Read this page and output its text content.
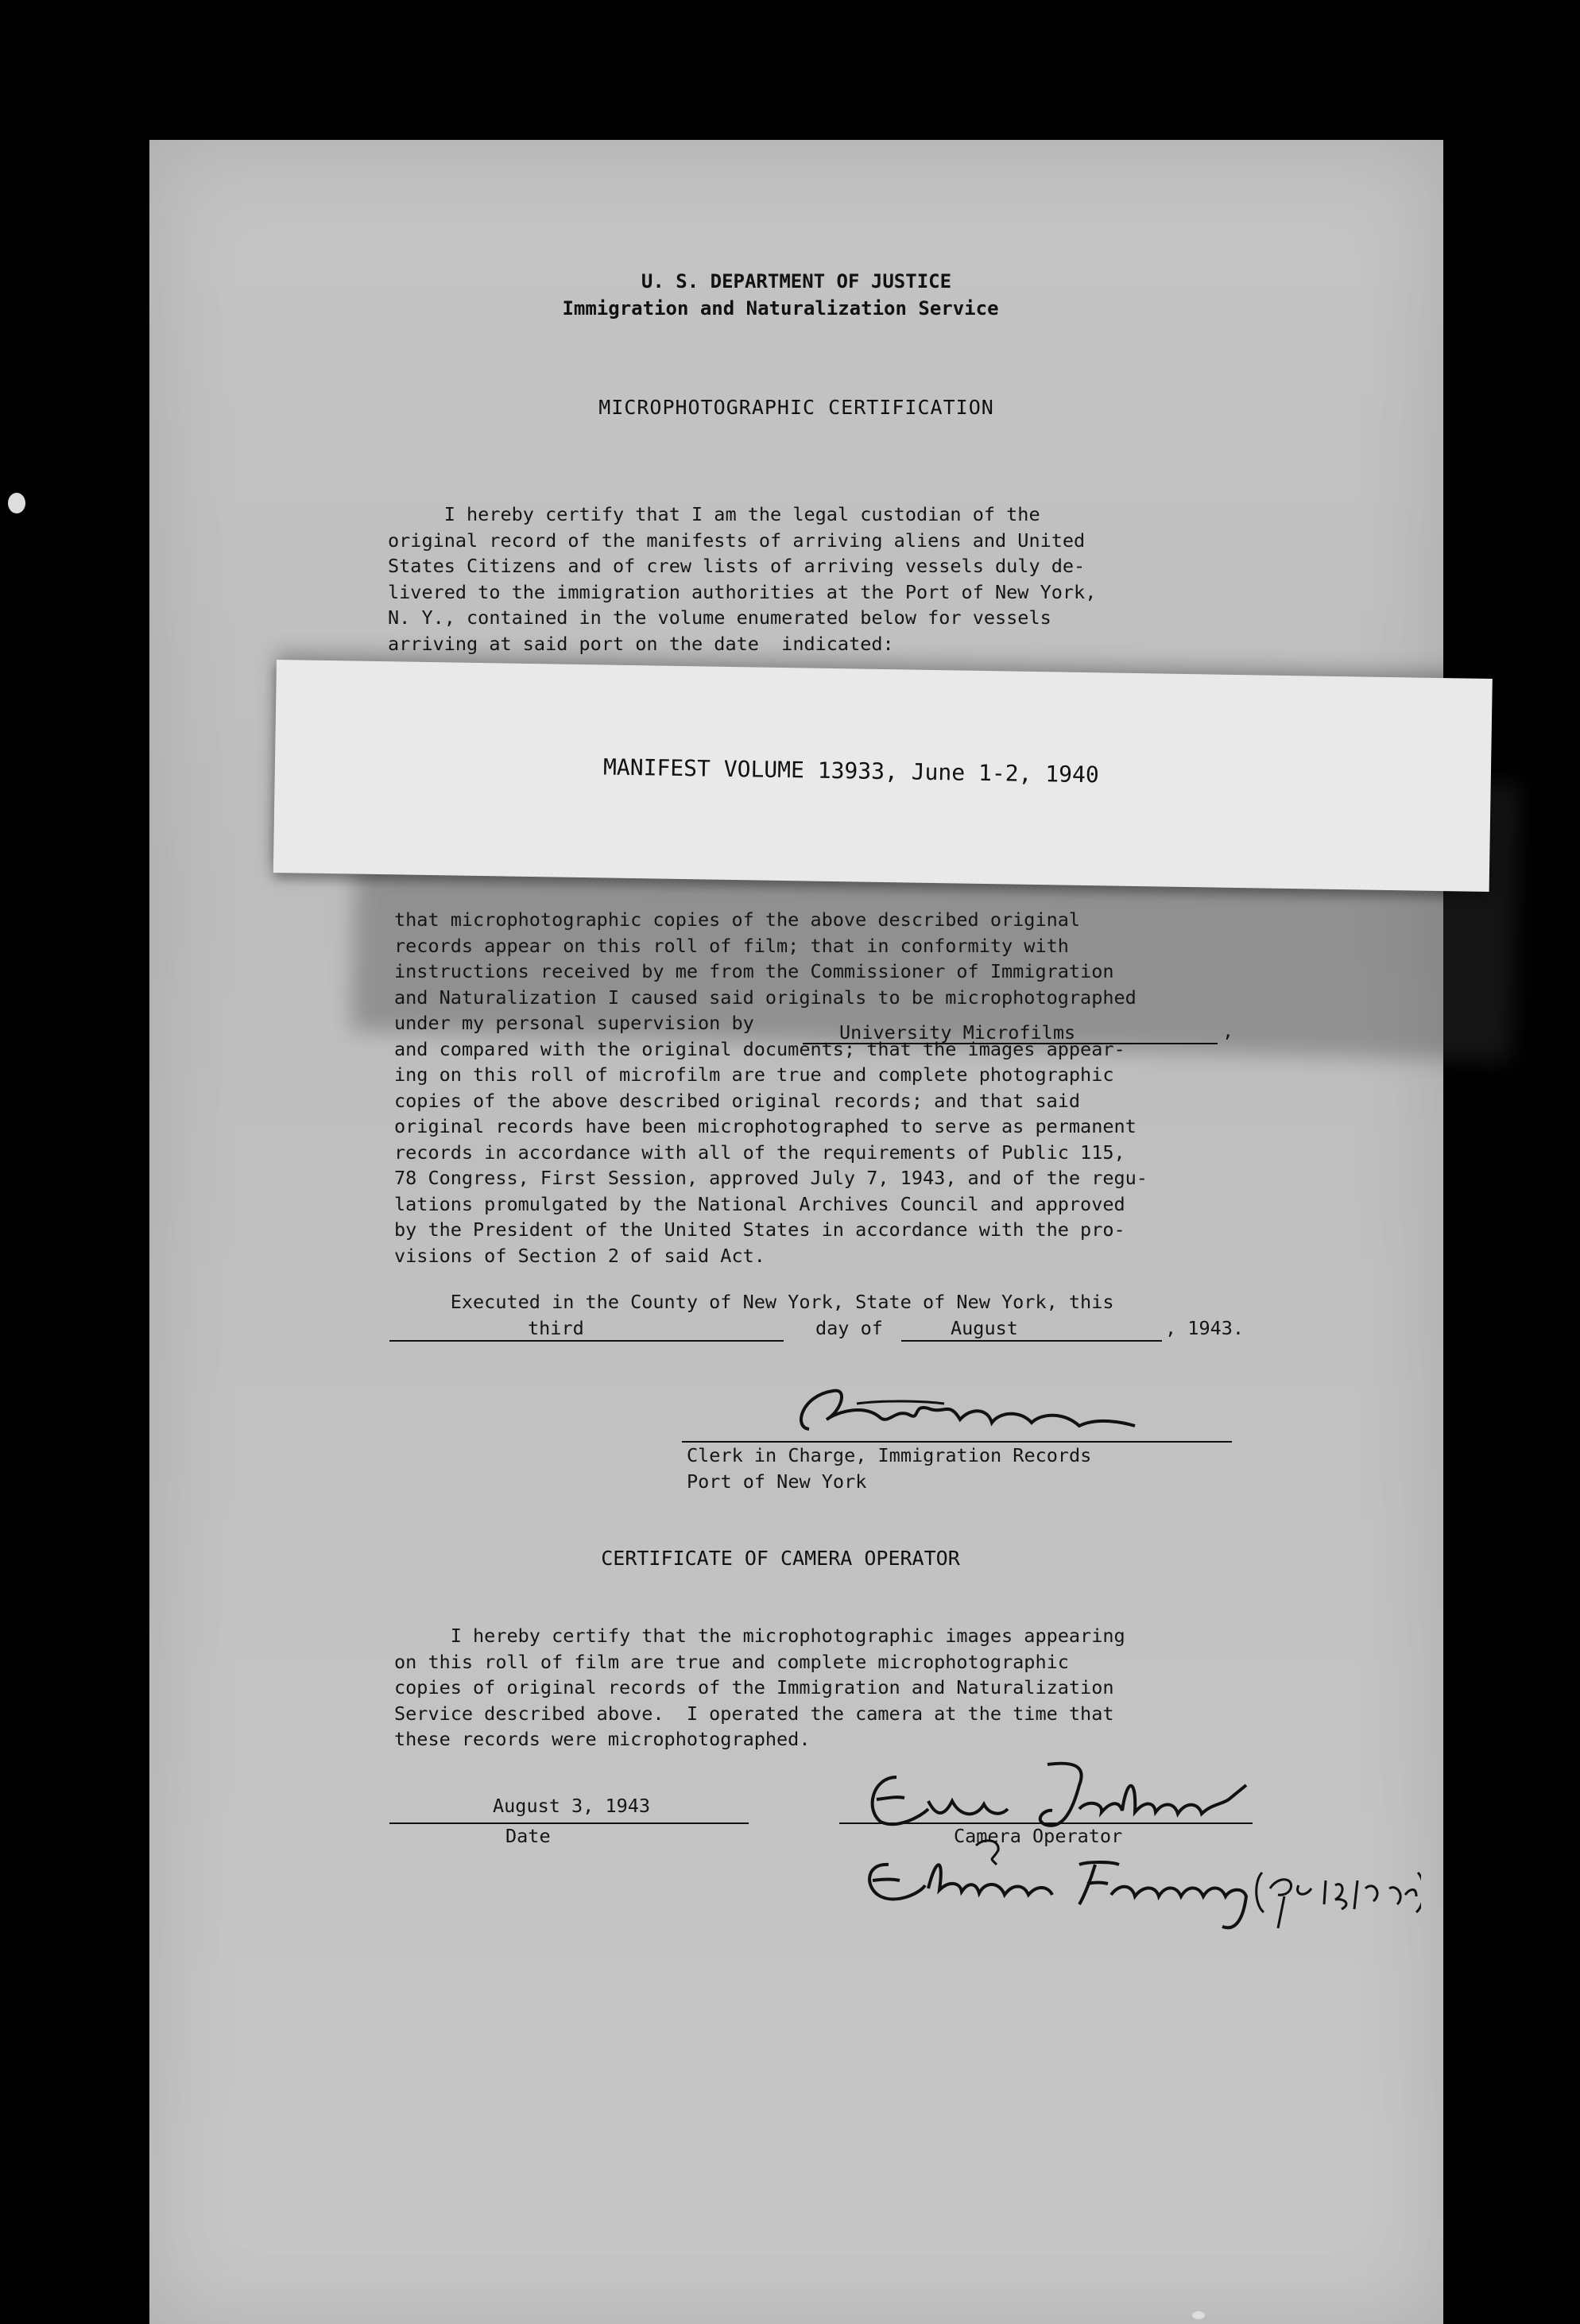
U. S. DEPARTMENT OF JUSTICE
Immigration and Naturalization Service
MICROPHOTOGRAPHIC CERTIFICATION
I hereby certify that I am the legal custodian of the
original record of the manifests of arriving aliens and United
States Citizens and of crew lists of arriving vessels duly de-
livered to the immigration authorities at the Port of New York,
N. Y., contained in the volume enumerated below for vessels
arriving at said port on the date  indicated:
MANIFEST VOLUME 13933, June 1-2, 1940
that microphotographic copies of the above described original
records appear on this roll of film; that in conformity with
instructions received by me from the Commissioner of Immigration
and Naturalization I caused said originals to be microphotographed
under my personal supervision by
and compared with the original documents; that the images appear-
ing on this roll of microfilm are true and complete photographic
copies of the above described original records; and that said
original records have been microphotographed to serve as permanent
records in accordance with all of the requirements of Public 115,
78 Congress, First Session, approved July 7, 1943, and of the regu-
lations promulgated by the National Archives Council and approved
by the President of the United States in accordance with the pro-
visions of Section 2 of said Act.
University Microfilms	,
Executed in the County of New York, State of New York, this
third	day of	August	, 1943.
Clerk in Charge, Immigration Records
Port of New York
CERTIFICATE OF CAMERA OPERATOR
I hereby certify that the microphotographic images appearing
on this roll of film are true and complete microphotographic
copies of original records of the Immigration and Naturalization
Service described above.  I operated the camera at the time that
these records were microphotographed.
August 3, 1943
Date	Camera Operator
